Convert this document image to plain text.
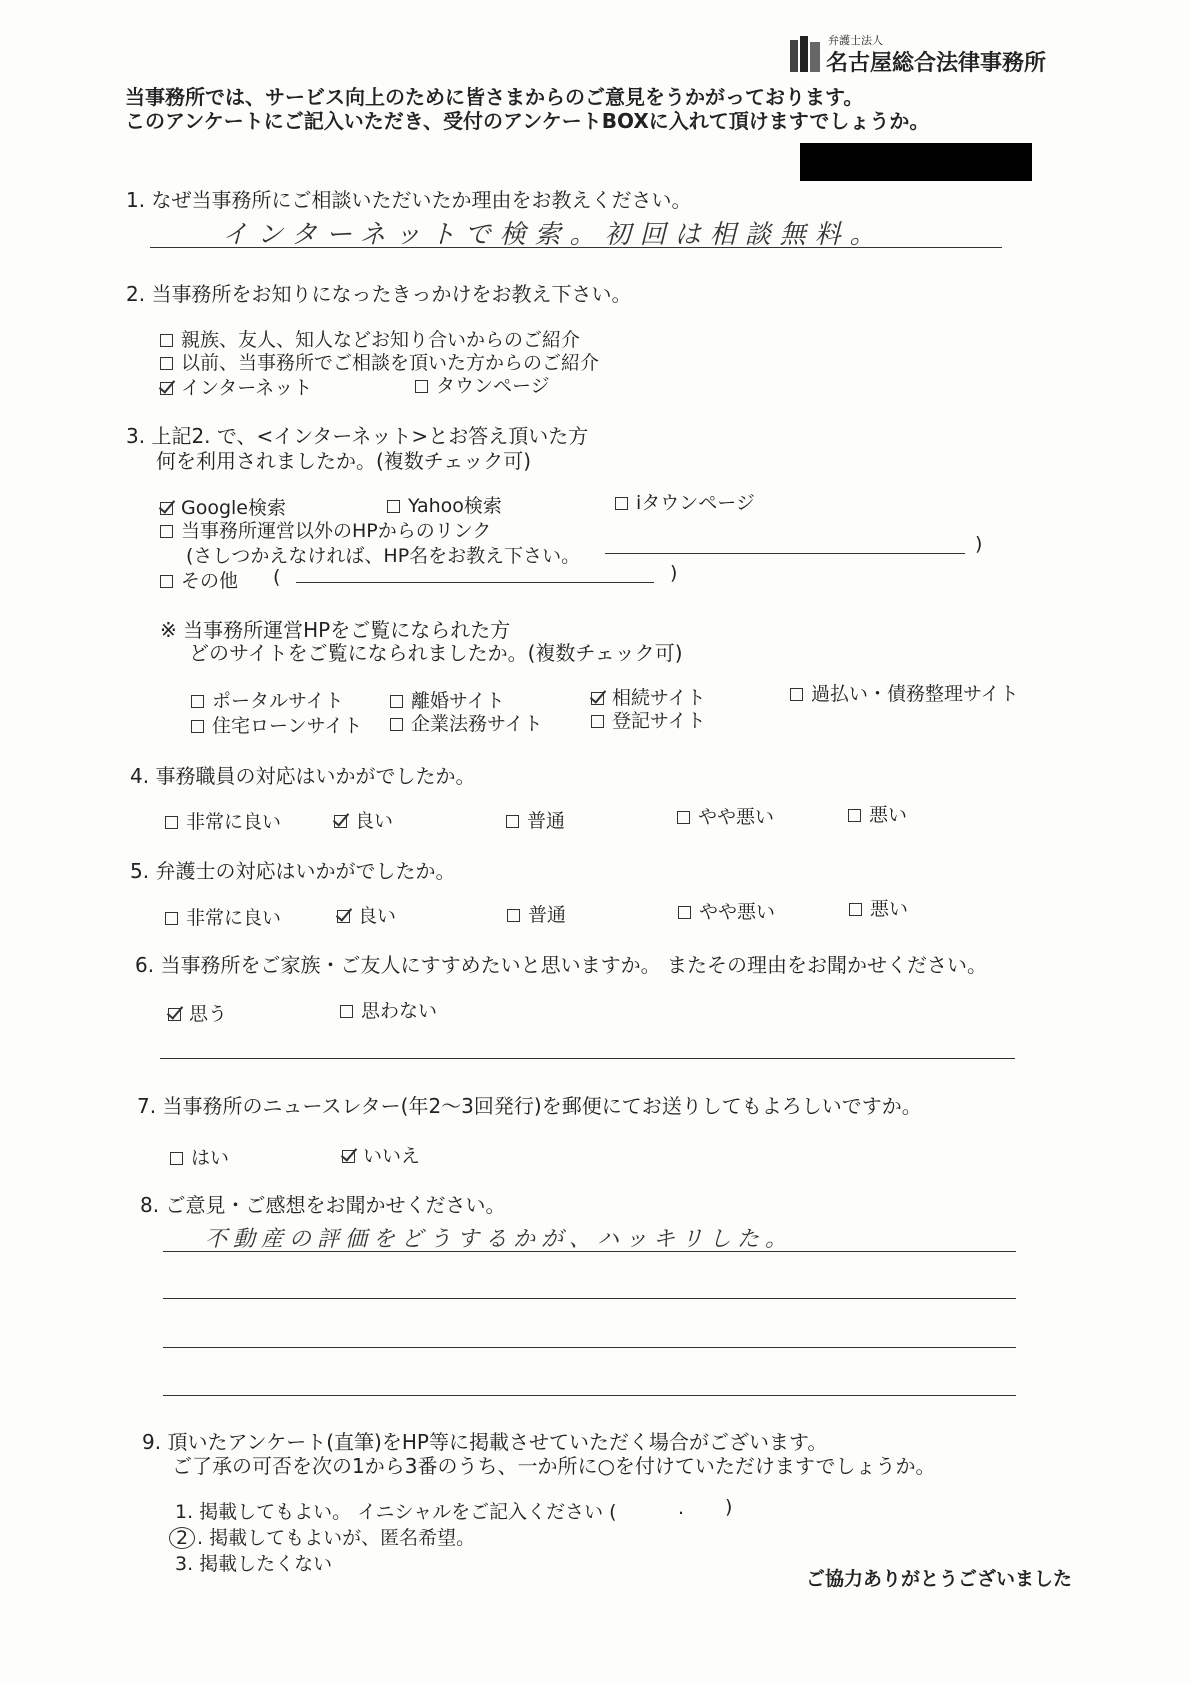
弁護士法人
名古屋総合法律事務所
当事務所では、サービス向上のために皆さまからのご意見をうかがっております。
このアンケートにご記入いただき、受付のアンケートBOXに入れて頂けますでしょうか。
1. なぜ当事務所にご相談いただいたか理由をお教えください。
インターネットで検索。初回は相談無料。
2. 当事務所をお知りになったきっかけをお教え下さい。
親族、友人、知人などお知り合いからのご紹介
以前、当事務所でご相談を頂いた方からのご紹介
インターネット	タウンページ
3. 上記2. で、<インターネット>とお答え頂いた方
何を利用されましたか。(複数チェック可)
Google検索	Yahoo検索	iタウンページ
当事務所運営以外のHPからのリンク
(さしつかえなければ、HP名をお教え下さい。
)
その他 (	)
※ 当事務所運営HPをご覧になられた方
どのサイトをご覧になられましたか。(複数チェック可)
ポータルサイト	離婚サイト	相続サイト	過払い・債務整理サイト
住宅ローンサイト	企業法務サイト	登記サイト
4. 事務職員の対応はいかがでしたか。
非常に良い	良い	普通	やや悪い	悪い
5. 弁護士の対応はいかがでしたか。
非常に良い	良い	普通	やや悪い	悪い
6. 当事務所をご家族・ご友人にすすめたいと思いますか。 またその理由をお聞かせください。
思う	思わない
7. 当事務所のニュースレター(年2〜3回発行)を郵便にてお送りしてもよろしいですか。
はい	いいえ
8. ご意見・ご感想をお聞かせください。
不動産の評価をどうするかが、ハッキリした。
9. 頂いたアンケート(直筆)をHP等に掲載させていただく場合がございます。
ご了承の可否を次の1から3番のうち、一か所に○を付けていただけますでしょうか。
1. 掲載してもよい。 イニシャルをご記入ください (	. )
2 . 掲載してもよいが、匿名希望。
3. 掲載したくない
ご協力ありがとうございました
